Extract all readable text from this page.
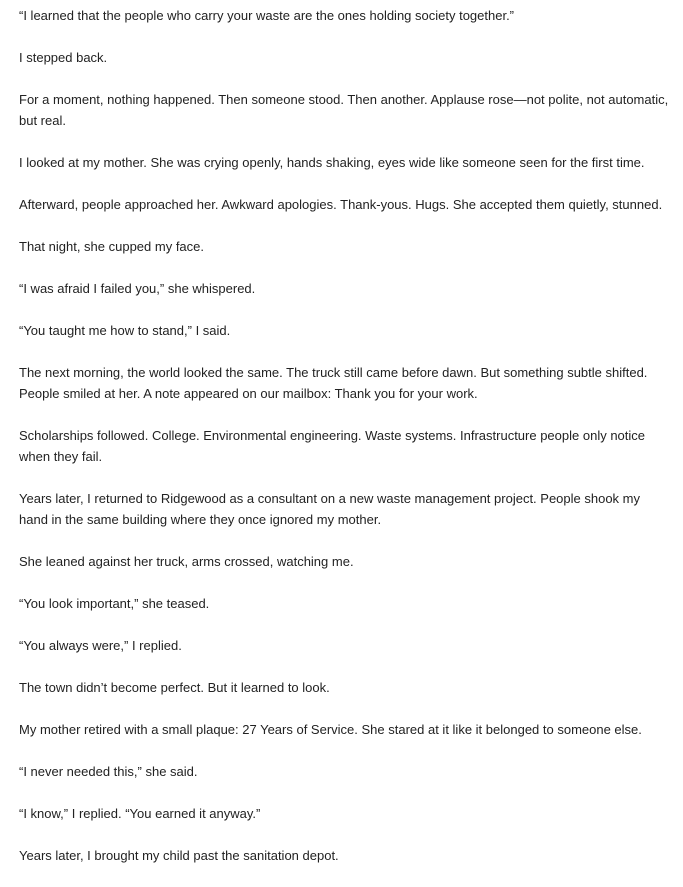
“I learned that the people who carry your waste are the ones holding society together.”

I stepped back.

For a moment, nothing happened. Then someone stood. Then another. Applause rose—not polite, not automatic, but real.

I looked at my mother. She was crying openly, hands shaking, eyes wide like someone seen for the first time.

Afterward, people approached her. Awkward apologies. Thank-yous. Hugs. She accepted them quietly, stunned.

That night, she cupped my face.

“I was afraid I failed you,” she whispered.

“You taught me how to stand,” I said.

The next morning, the world looked the same. The truck still came before dawn. But something subtle shifted. People smiled at her. A note appeared on our mailbox: Thank you for your work.

Scholarships followed. College. Environmental engineering. Waste systems. Infrastructure people only notice when they fail.

Years later, I returned to Ridgewood as a consultant on a new waste management project. People shook my hand in the same building where they once ignored my mother.

She leaned against her truck, arms crossed, watching me.

“You look important,” she teased.

“You always were,” I replied.

The town didn’t become perfect. But it learned to look.

My mother retired with a small plaque: 27 Years of Service. She stared at it like it belonged to someone else.

“I never needed this,” she said.

“I know,” I replied. “You earned it anyway.”

Years later, I brought my child past the sanitation depot.
